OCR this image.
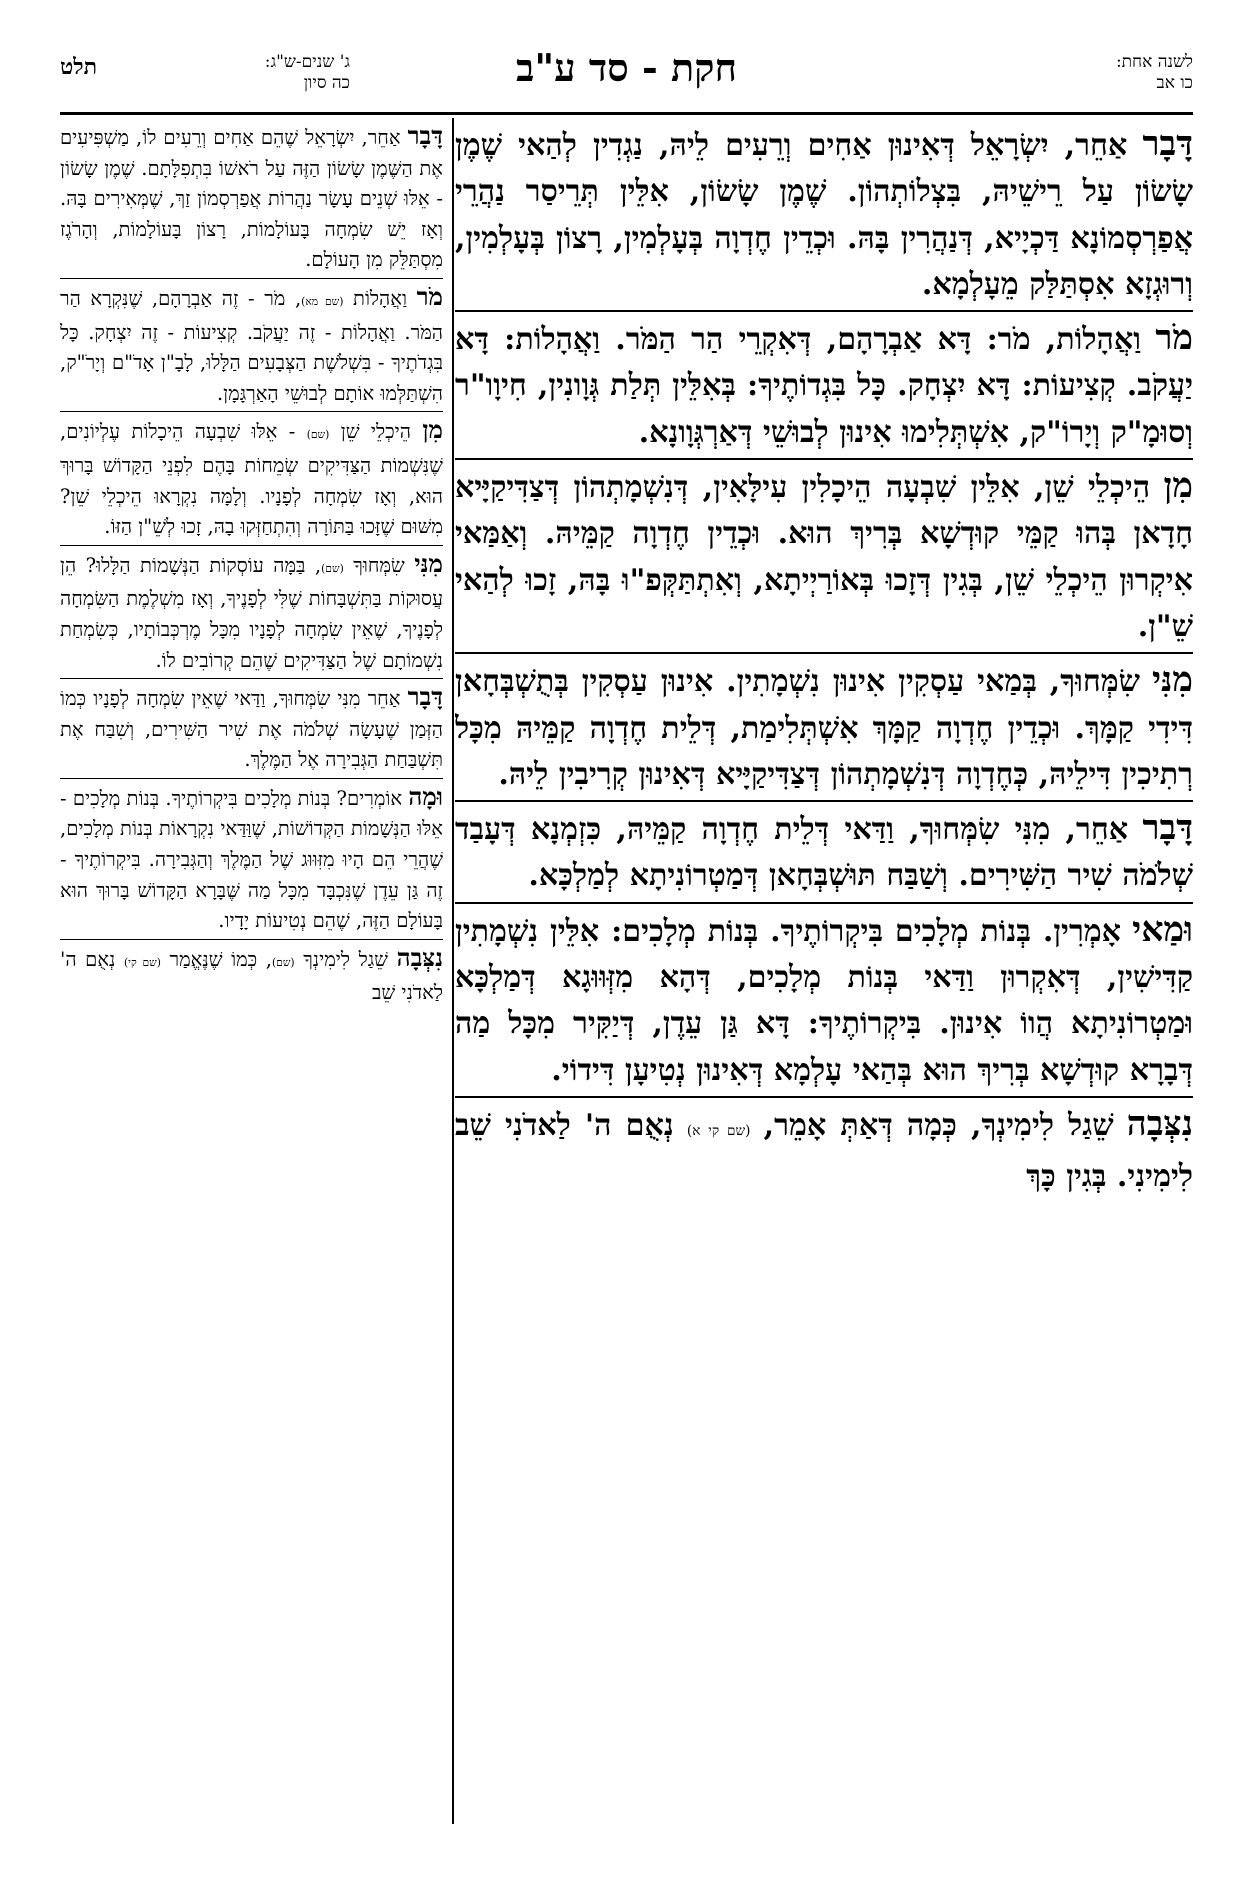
לשנה אחת:
כו אב
חקת - סד ע"ב
ג' שנים-ש"ג:
כה סיון
תלט
דָּבָר אַחֵר, יִשְׂרָאֵל דְּאִינוּן אַחִים וְרֵעִים לֵיהּ, נַגְדִין לְהַאי שֶׁמֶן שָׂשׂוֹן עַל רֵישֵׁיהּ, בִּצְלוֹתְהוֹן. שֶׁמֶן שָׂשׂוֹן, אִלֵּין תְּרֵיסַר נַהֲרֵי אֲפַרְסְמוֹנָא דַּכְיָיא, דְּנַהֲרִין בָּהּ. וּכְדֵין חֶדְוָה בְּעָלְמִין, רָצוֹן בְּעָלְמִין, וְרוּגְזָא אִסְתַּלַּק מֵעָלְמָא.
מֹר וַאֲהָלוֹת, מֹר: דָּא אַבְרָהָם, דְּאִקְרֵי הַר הַמֹּר. וַאֲהָלוֹת: דָּא יַעֲקֹב. קְצִיעוֹת: דָּא יִצְחָק. כָּל בִּגְדוֹתֶיךָ: בְּאִלֵּין תְּלַת גְּוָונִין, חִיוָו"ר וְסוּמָ"ק וְיָרוֹ"ק, אִשְׁתְּלִימוּ אִינוּן לְבוּשֵׁי דְּאַרְגְּוָונָא.
מִן הֵיכְלֵי שֵׁן, אִלֵּין שִׁבְעָה הֵיכָלִין עִילָּאִין, דְּנִשְׁמָתְהוֹן דְּצַדִּיקַיָּיא חָדָאן בְּהוּ קַמֵּי קוּדְשָׁא בְּרִיךְ הוּא. וּכְדֵין חֶדְוָה קַמֵּיהּ. וְאַמַּאי אִיקְרוּן הֵיכְלֵי שֵׁן, בְּגִין דְּזָכוּ בְּאוֹרַיְיתָא, וְאִתְתַּקְּפ"וּ בָּהּ, זָכוּ לְהַאי שֵׁ"ן.
מִנִּי שִׂמְּחוּךָ, בְּמַאי עַסְקִין אִינוּן נִשְׁמָתִין. אִינוּן עַסְקִין בְּתֻשְׁבְּחָאן דִּידִי קַמָּךְ. וּכְדֵין חֶדְוָה קַמָּךְ אִשְׁתְּלִימַת, דְּלֵית חֶדְוָה קַמֵּיהּ מִכָּל רְתִיכִין דִּילֵיהּ, כְּחֶדְוָה דְּנִשְׁמָתְהוֹן דְּצַדִּיקַיָּיא דְּאִינוּן קְרִיבִין לֵיהּ.
דָּבָר אַחֵר, מִנִּי שִׂמְּחוּךָ, וַדַּאי דְּלֵית חֶדְוָה קַמֵּיהּ, כִּזְמְנָא דְּעָבַד שְׁלֹמֹה שִׁיר הַשִּׁירִים. וְשַׁבַּח תּוּשְׁבְּחָאן דְּמַטְרוֹנִיתָא לְמַלְכָּא.
וּמַאי אָמְרִין. בְּנוֹת מְלָכִים בִּיקְרוֹתֶיךָ. בְּנוֹת מְלָכִים: אִלֵּין נִשְׁמָתִין קַדִּישִׁין, דְּאִקְרוּן וַדַּאי בְּנוֹת מְלָכִים, דְּהָא מִזְּוּוּגָא דְּמַלְכָּא וּמַטְרוֹנִיתָא הֲווֹ אִינוּן. בִּיקְרוֹתֶיךָ: דָּא גַּן עֵדֶן, דְּיַקִּיר מִכָּל מַה דְּבָרָא קוּדְשָׁא בְּרִיךְ הוּא בְּהַאי עָלְמָא דְּאִינוּן נְטִיעָן דִּידוֹי.
נִצְּבָה שֵׁגַל לִימִינְךָ, כְּמָה דְּאַתְּ אָמֵר, (שם קי א) נְאֻם ה' לַאדֹנִי שֵׁב לִימִינִי. בְּגִין כָּךְ
דָּבָר אַחֵר, יִשְׂרָאֵל שֶׁהֵם אַחִים וְרֵעִים לוֹ, מַשְׁפִּיעִים אֶת הַשֶּׁמֶן שָׂשׂוֹן הַזֶּה עַל רֹאשׁוֹ בִּתְפִלָּתָם. שֶׁמֶן שָׂשׂוֹן - אֵלּוּ שְׁנֵים עָשָׂר נַהֲרוֹת אֲפַרְסְמוֹן זַךְ, שֶׁמְּאִירִים בָּהּ. וְאָז יֵשׁ שִׂמְחָה בָּעוֹלָמוֹת, רָצוֹן בָּעוֹלָמוֹת, וְהָרֹגֶז מִסְתַּלֵּק מִן הָעוֹלָם.
מֹר וַאֲהָלוֹת (שם מא), מֹר - זֶה אַבְרָהָם, שֶׁנִּקְרָא הַר הַמֹּר. וַאֲהָלוֹת - זֶה יַעֲקֹב. קְצִיעוֹת - זֶה יִצְחָק. כָּל בִּגְדֹתֶיךָ - בִּשְׁלֹשֶׁת הַצְּבָעִים הַלָּלוּ, לָבָ"ן אָדֹ"ם וְיָרֹ"ק, הִשְׁתַּלְּמוּ אוֹתָם לְבוּשֵׁי הָאַרְגָּמָן.
מִן הֵיכְלֵי שֵׁן (שם) - אֵלּוּ שִׁבְעָה הֵיכָלוֹת עֶלְיוֹנִים, שֶׁנִּשְׁמוֹת הַצַּדִּיקִים שְׂמֵחוֹת בָּהֶם לִפְנֵי הַקָּדוֹשׁ בָּרוּךְ הוּא, וְאָז שִׂמְחָה לְפָנָיו. וְלָמָּה נִקְרָאוּ הֵיכְלֵי שֵׁן? מִשּׁוּם שֶׁזָּכוּ בַּתּוֹרָה וְהִתְחַזְּקוּ בָהּ, זָכוּ לְשֵׁ"ן הַזּוֹ.
מִנִּי שִׂמְּחוּךָ (שם), בַּמָּה עוֹסְקוֹת הַנְּשָׁמוֹת הַלָּלוּ? הֵן עֲסוּקוֹת בַּתִּשְׁבָּחוֹת שֶׁלִּי לְפָנֶיךָ, וְאָז מִשְׁלֶמֶת הַשִּׂמְחָה לְפָנֶיךָ, שֶׁאֵין שִׂמְחָה לְפָנָיו מִכָּל מֶרְכְּבוֹתָיו, כְּשִׂמְחַת נִשְׁמוֹתָם שֶׁל הַצַּדִּיקִים שֶׁהֵם קְרוֹבִים לוֹ.
דָּבָר אַחֵר מִנִּי שִׂמְּחוּךָ, וַדַּאי שֶׁאֵין שִׂמְחָה לְפָנָיו כְּמוֹ הַזְּמַן שֶׁעָשָׂה שְׁלֹמֹה אֶת שִׁיר הַשִּׁירִים, וְשִׁבַּח אֶת תִּשְׁבַּחַת הַגְּבִירָה אֶל הַמֶּלֶךְ.
וּמָה אוֹמְרִים? בְּנוֹת מְלָכִים בִּיקְרוֹתֶיךָ. בְּנוֹת מְלָכִים - אֵלּוּ הַנְּשָׁמוֹת הַקְּדוֹשׁוֹת, שֶׁוַּדַּאי נִקְרָאוֹת בְּנוֹת מְלָכִים, שֶׁהֲרֵי הֵם הָיוּ מִזִּוּוּג שֶׁל הַמֶּלֶךְ וְהַגְּבִירָה. בִּיקְרוֹתֶיךָ - זֶה גַּן עֵדֶן שֶׁנִּכְבָּד מִכָּל מַה שֶּׁבָּרָא הַקָּדוֹשׁ בָּרוּךְ הוּא בָּעוֹלָם הַזֶּה, שֶׁהֵם נְטִיעוֹת יָדָיו.
נִצְּבָה שֵׁגַל לִימִינְךָ (שם), כְּמוֹ שֶׁנֶּאֱמַר (שם קי) נְאֻם ה' לַאדֹנִי שֵׁב
